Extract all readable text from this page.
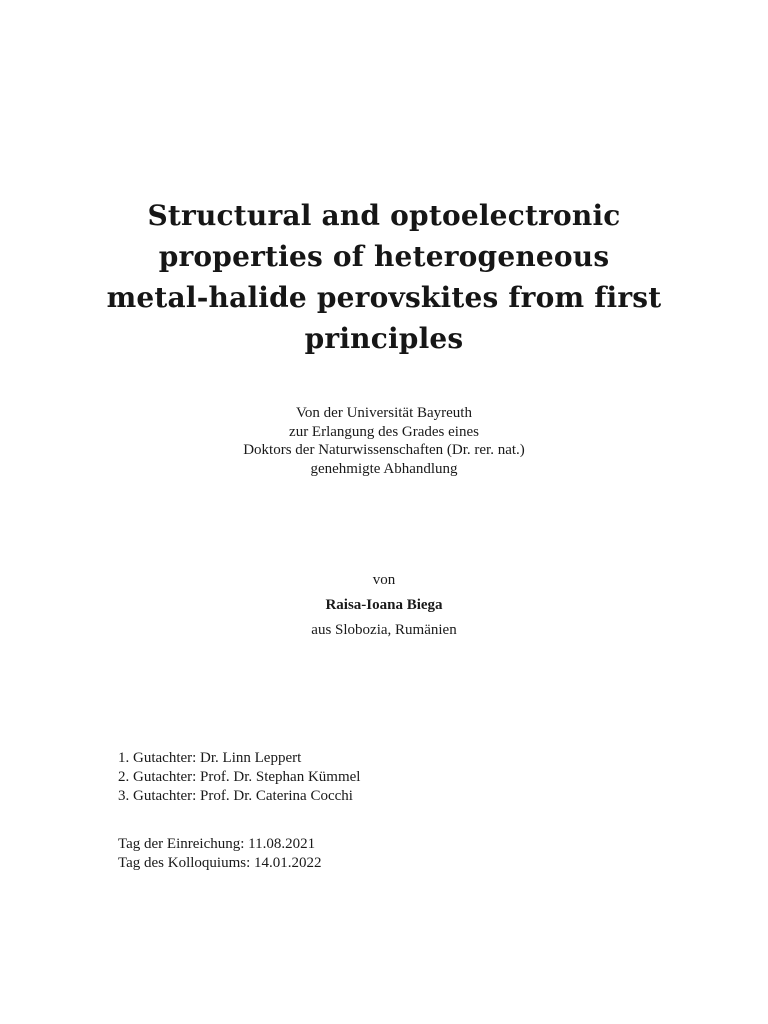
Structural and optoelectronic
properties of heterogeneous
metal-halide perovskites from first
principles
Von der Universität Bayreuth
zur Erlangung des Grades eines
Doktors der Naturwissenschaften (Dr. rer. nat.)
genehmigte Abhandlung
von
Raisa-Ioana Biega
aus Slobozia, Rumänien
1. Gutachter: Dr. Linn Leppert
2. Gutachter: Prof. Dr. Stephan Kümmel
3. Gutachter: Prof. Dr. Caterina Cocchi
Tag der Einreichung: 11.08.2021
Tag des Kolloquiums: 14.01.2022
